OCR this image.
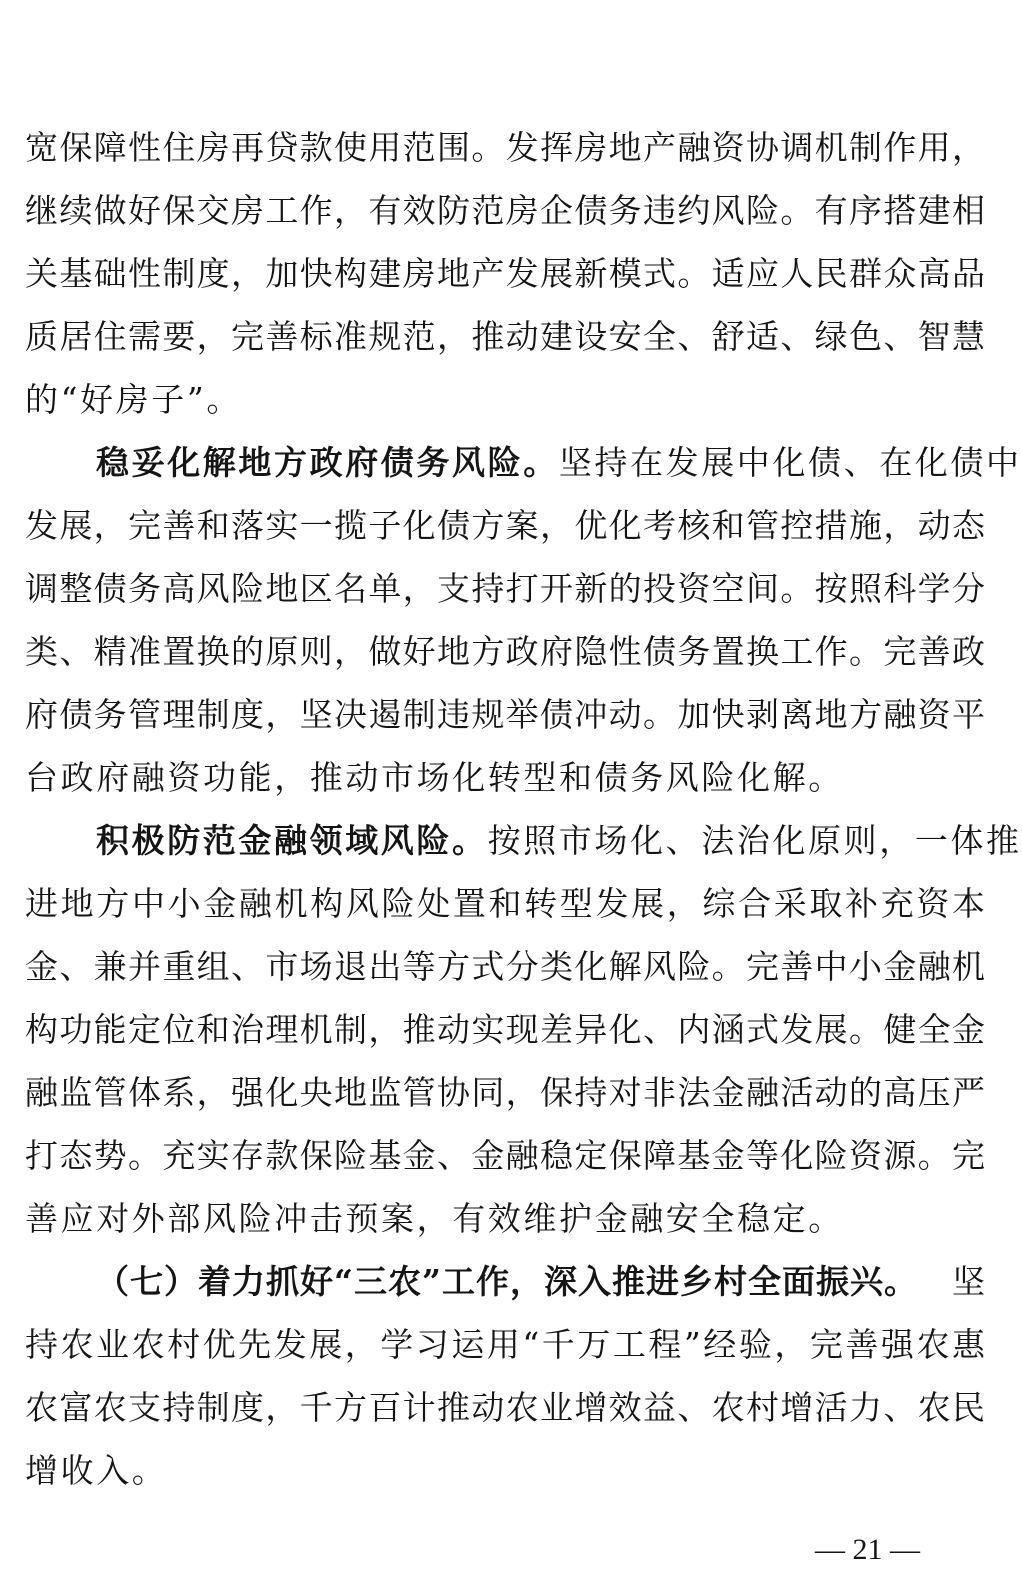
宽保障性住房再贷款使用范围。发挥房地产融资协调机制作用，
继续做好保交房工作，有效防范房企债务违约风险。有序搭建相
关基础性制度，加快构建房地产发展新模式。适应人民群众高品
质居住需要，完善标准规范，推动建设安全、舒适、绿色、智慧
的“好房子”。
稳妥化解地方政府债务风险。 坚持在发展中化债、在化债中
发展，完善和落实一揽子化债方案，优化考核和管控措施，动态
调整债务高风险地区名单，支持打开新的投资空间。按照科学分
类、精准置换的原则，做好地方政府隐性债务置换工作。完善政
府债务管理制度，坚决遏制违规举债冲动。加快剥离地方融资平
台政府融资功能，推动市场化转型和债务风险化解。
积极防范金融领域风险。 按照市场化、法治化原则，一体推
进地方中小金融机构风险处置和转型发展，综合采取补充资本
金、兼并重组、市场退出等方式分类化解风险。完善中小金融机
构功能定位和治理机制，推动实现差异化、内涵式发展。健全金
融监管体系，强化央地监管协同，保持对非法金融活动的高压严
打态势。充实存款保险基金、金融稳定保障基金等化险资源。完
善应对外部风险冲击预案，有效维护金融安全稳定。
（七）着力抓好“三农”工作，深入推进乡村全面振兴。 坚
持农业农村优先发展，学习运用“千万工程”经验，完善强农惠
农富农支持制度，千方百计推动农业增效益、农村增活力、农民
增收入。
— 21 —
